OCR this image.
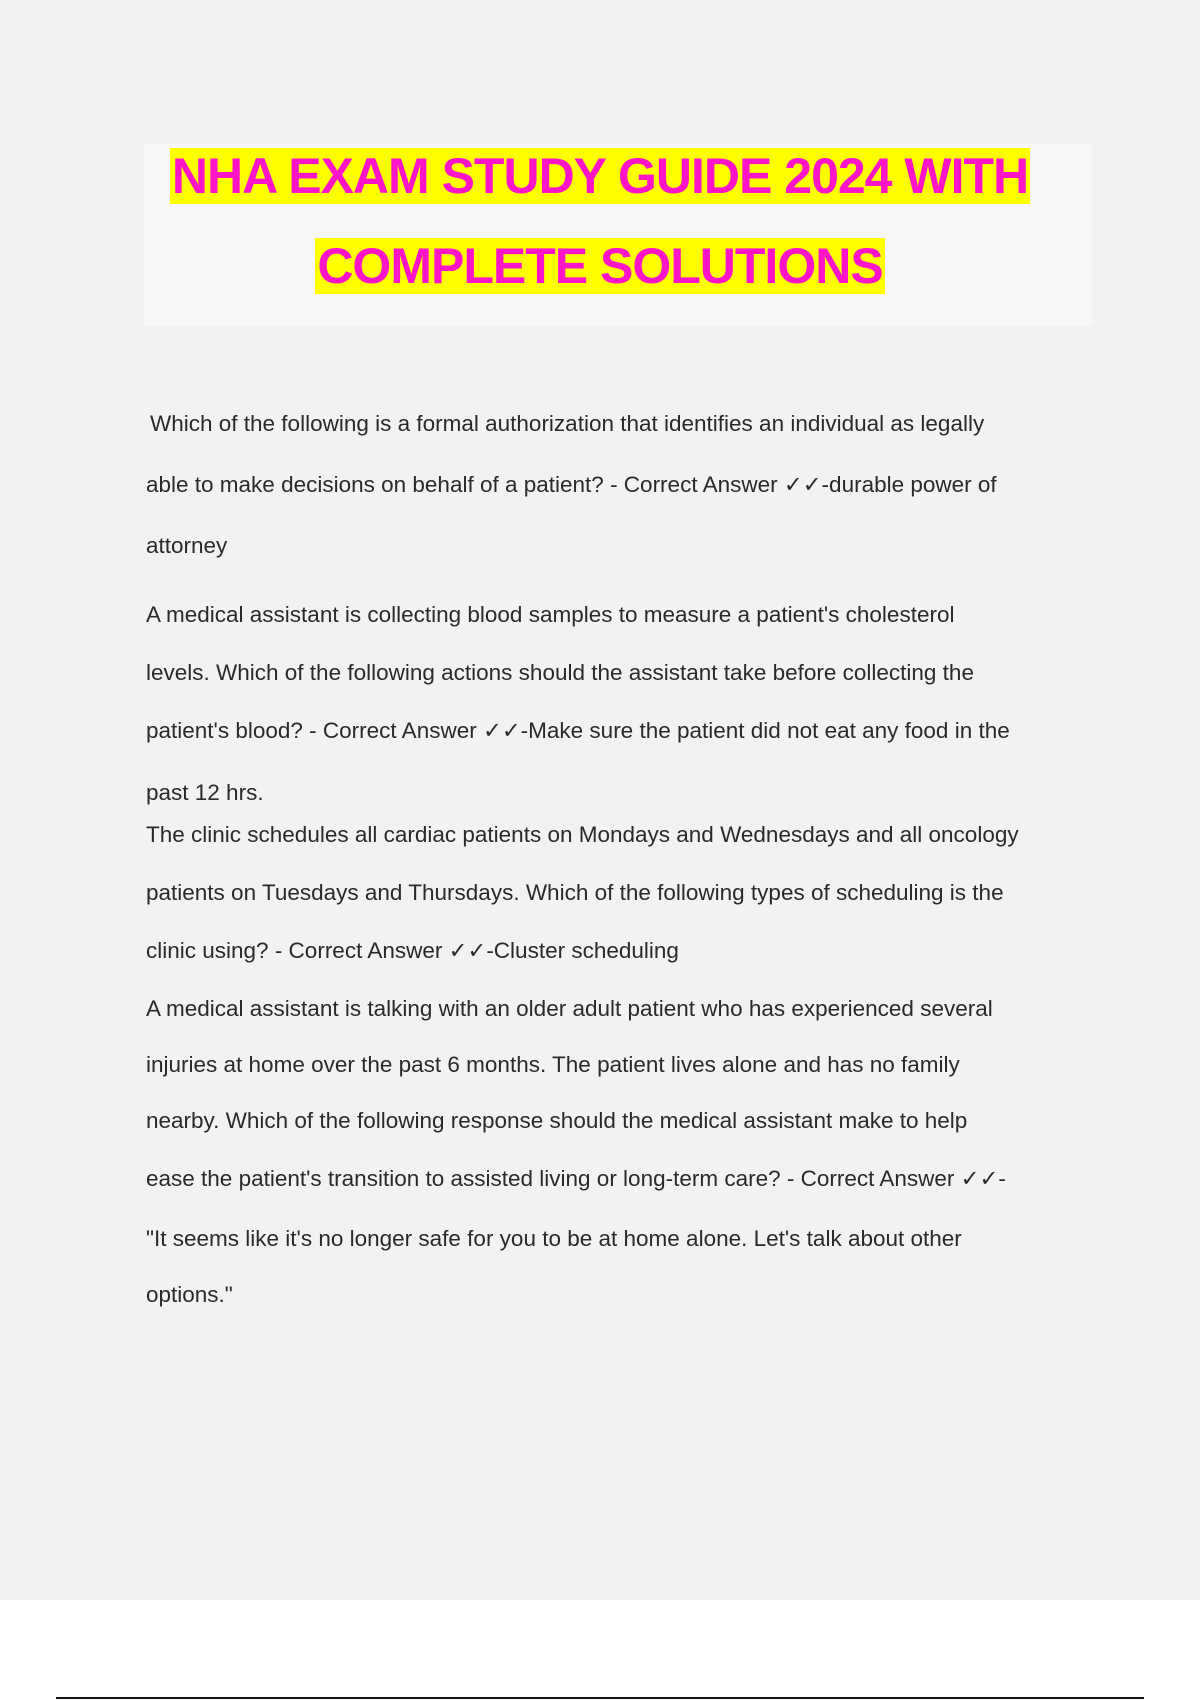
NHA EXAM STUDY GUIDE 2024 WITH
COMPLETE SOLUTIONS

Which of the following is a formal authorization that identifies an individual as legally

able to make decisions on behalf of a patient? - Correct Answer ✓✓-durable power of

attorney

A medical assistant is collecting blood samples to measure a patient's cholesterol

levels. Which of the following actions should the assistant take before collecting the

patient's blood? - Correct Answer ✓✓-Make sure the patient did not eat any food in the

past 12 hrs.

The clinic schedules all cardiac patients on Mondays and Wednesdays and all oncology

patients on Tuesdays and Thursdays. Which of the following types of scheduling is the

clinic using? - Correct Answer ✓✓-Cluster scheduling

A medical assistant is talking with an older adult patient who has experienced several

injuries at home over the past 6 months. The patient lives alone and has no family

nearby. Which of the following response should the medical assistant make to help

ease the patient's transition to assisted living or long-term care? - Correct Answer ✓✓-

"It seems like it's no longer safe for you to be at home alone. Let's talk about other

options."
